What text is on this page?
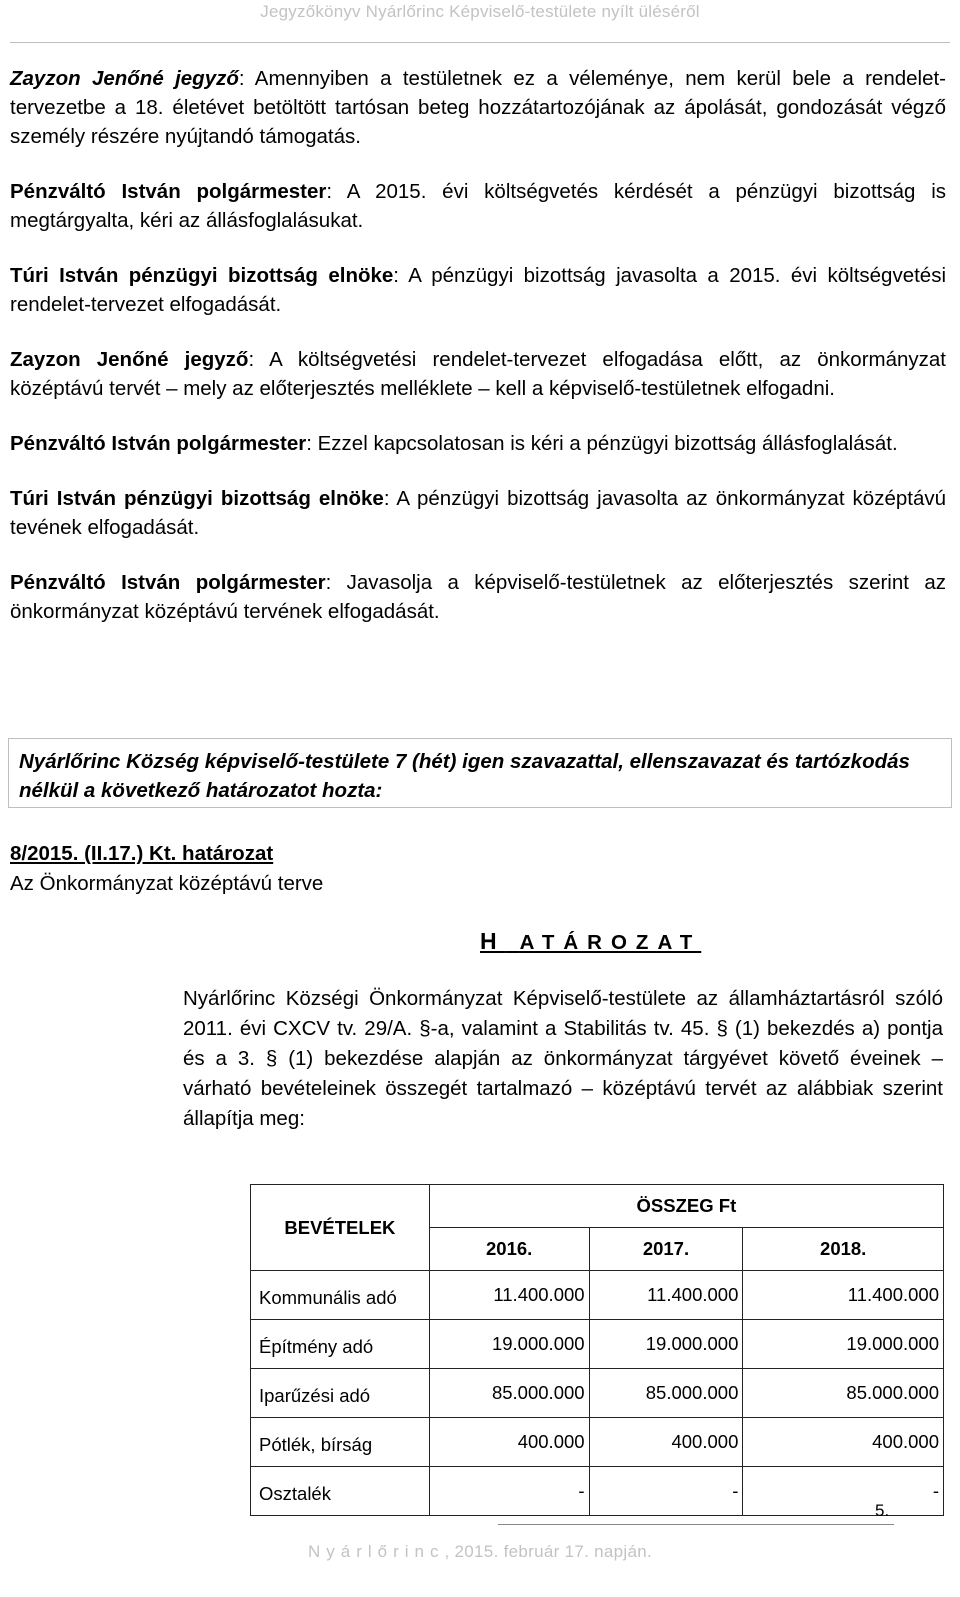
Jegyzőkönyv Nyárlőrinc Képviselő-testülete nyílt üléséről

Zayzon Jenőné jegyző: Amennyiben a testületnek ez a véleménye, nem kerül bele a rendelet-tervezetbe a 18. életévet betöltött tartósan beteg hozzátartozójának az ápolását, gondozását végző személy részére nyújtandó támogatás.

Pénzváltó István polgármester: A 2015. évi költségvetés kérdését a pénzügyi bizottság is megtárgyalta, kéri az állásfoglalásukat.

Túri István pénzügyi bizottság elnöke: A pénzügyi bizottság javasolta a 2015. évi költségvetési rendelet-tervezet elfogadását.

Zayzon Jenőné jegyző: A költségvetési rendelet-tervezet elfogadása előtt, az önkormányzat középtávú tervét – mely az előterjesztés melléklete – kell a képviselő-testületnek elfogadni.

Pénzváltó István polgármester: Ezzel kapcsolatosan is kéri a pénzügyi bizottság állásfoglalását.

Túri István pénzügyi bizottság elnöke: A pénzügyi bizottság javasolta az önkormányzat középtávú tevének elfogadását.

Pénzváltó István polgármester: Javasolja a képviselő-testületnek az előterjesztés szerint az önkormányzat középtávú tervének elfogadását.

Nyárlőrinc Község képviselő-testülete 7 (hét) igen szavazattal, ellenszavazat és tartózkodás nélkül a következő határozatot hozta:
8/2015. (II.17.) Kt. határozat
Az Önkormányzat középtávú terve
H ATÁROZAT

Nyárlőrinc Községi Önkormányzat Képviselő-testülete az államháztartásról szóló 2011. évi CXCV tv. 29/A. §-a, valamint a Stabilitás tv. 45. § (1) bekezdés a) pontja és a 3. § (1) bekezdése alapján az önkormányzat tárgyévet követő éveinek – várható bevételeinek összegét tartalmazó – középtávú tervét az alábbiak szerint állapítja meg:

BEVÉTELEK	ÖSSZEG Ft		
	2016.	2017.	2018.
Kommunális adó	11.400.000	11.400.000	11.400.000
Építmény adó	19.000.000	19.000.000	19.000.000
Iparűzési adó	85.000.000	85.000.000	85.000.000
Pótlék, bírság	400.000	400.000	400.000
Osztalék	-	-	-
5.
Nyárlőrinc, 2015. február 17. napján.
